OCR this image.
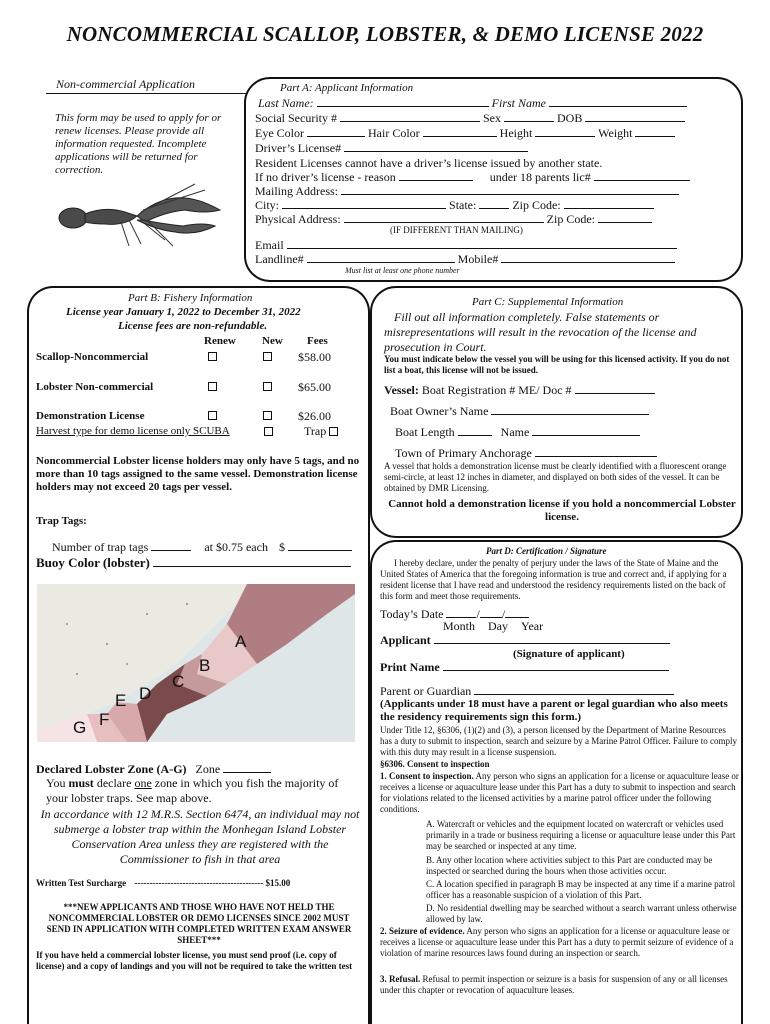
NONCOMMERCIAL SCALLOP, LOBSTER, & DEMO LICENSE 2022
Non-commercial Application
This form may be used to apply for or renew licenses. Please provide all information requested. Incomplete applications will be returned for correction.
Part A: Applicant Information
Last Name:	First Name
Social Security #	Sex	DOB
Eye Color	Hair Color	Height	Weight
Driver’s License#
Resident Licenses cannot have a driver’s license issued by another state.
If no driver’s license - reason	under 18 parents lic#
Mailing Address:
City:	State:	Zip Code:
Physical Address:	Zip Code:
(IF DIFFERENT THAN MAILING)
Email
Landline#	Mobile#
Must list at least one phone number
Part B: Fishery Information
License year January 1, 2022 to December 31, 2022
License fees are non-refundable.
Renew New Fees
Scallop-Noncommercial	$58.00
Lobster Non-commercial	$65.00
Demonstration License	$26.00
Harvest type for demo license only SCUBA	Trap
Noncommercial Lobster license holders may only have 5 tags, and no more than 10 tags assigned to the same vessel. Demonstration license holders may not exceed 20 tags per vessel.
Trap Tags:
Number of trap tags	at $0.75 each $
Buoy Color (lobster)
A
B
C
D
E
F
G
Declared Lobster Zone (A-G) Zone
You must declare one zone in which you fish the majority of your lobster traps. See map above.
In accordance with 12 M.R.S. Section 6474, an individual may not submerge a lobster trap within the Monhegan Island Lobster Conservation Area unless they are registered with the Commissioner to fish in that area
Written Test Surcharge ------------------------------------------- $15.00
***NEW APPLICANTS AND THOSE WHO HAVE NOT HELD THE NONCOMMERCIAL LOBSTER OR DEMO LICENSES SINCE 2002 MUST SEND IN APPLICATION WITH COMPLETED WRITTEN EXAM ANSWER SHEET***
If you have held a commercial lobster license, you must send proof (i.e. copy of license) and a copy of landings and you will not be required to take the written test
Part C: Supplemental Information
Fill out all information completely. False statements or misrepresentations will result in the revocation of the license and prosecution in Court.
You must indicate below the vessel you will be using for this licensed activity. If you do not list a boat, this license will not be issued.
Vessel: Boat Registration # ME/ Doc #
Boat Owner’s Name
Boat Length	Name
Town of Primary Anchorage
A vessel that holds a demonstration license must be clearly identified with a fluorescent orange semi-circle, at least 12 inches in diameter, and displayed on both sides of the vessel. It can be obtained by DMR Licensing.
Cannot hold a demonstration license if you hold a noncommercial Lobster license.
Part D: Certification / Signature
I hereby declare, under the penalty of perjury under the laws of the State of Maine and the United States of America that the foregoing information is true and correct and, if applying for a resident license that I have read and understood the residency requirements listed on the back of this form and meet those requirements.
Today’s Date	/ /
Month Day Year
Applicant
(Signature of applicant)
Print Name
Parent or Guardian
(Applicants under 18 must have a parent or legal guardian who also meets the residency requirements sign this form.)
Under Title 12, §6306, (1)(2) and (3), a person licensed by the Department of Marine Resources has a duty to submit to inspection, search and seizure by a Marine Patrol Officer. Failure to comply with this duty may result in a license suspension.
§6306. Consent to inspection
1. Consent to inspection. Any person who signs an application for a license or aquaculture lease or receives a license or aquaculture lease under this Part has a duty to submit to inspection and search for violations related to the licensed activities by a marine patrol officer under the following conditions.
A. Watercraft or vehicles and the equipment located on watercraft or vehicles used primarily in a trade or business requiring a license or aquaculture lease under this Part may be searched or inspected at any time.
B. Any other location where activities subject to this Part are conducted may be inspected or searched during the hours when those activities occur.
C. A location specified in paragraph B may be inspected at any time if a marine patrol officer has a reasonable suspicion of a violation of this Part.
D. No residential dwelling may be searched without a search warrant unless otherwise allowed by law.
2. Seizure of evidence. Any person who signs an application for a license or aquaculture lease or receives a license or aquaculture lease under this Part has a duty to permit seizure of evidence of a violation of marine resources laws found during an inspection or search.
3. Refusal. Refusal to permit inspection or seizure is a basis for suspension of any or all licenses under this chapter or revocation of aquaculture leases.
